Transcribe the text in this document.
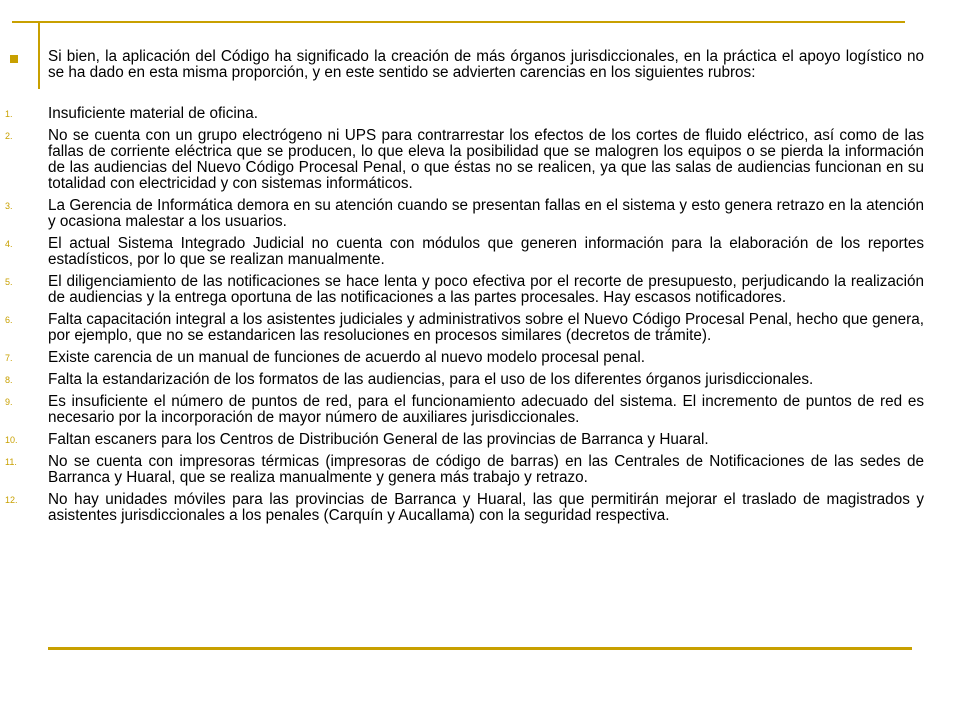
Si bien, la aplicación del Código ha significado la creación de más órganos jurisdiccionales, en la práctica el apoyo logístico no se ha dado en esta misma proporción, y en este sentido se advierten carencias en los siguientes rubros:
1. Insuficiente material de oficina.
2. No se cuenta con un grupo electrógeno ni UPS para contrarrestar los efectos de los cortes de fluido eléctrico, así como de las fallas de corriente eléctrica que se producen, lo que eleva la posibilidad que se malogren los equipos o se pierda la información de las audiencias del Nuevo Código Procesal Penal, o que éstas no se realicen, ya que las salas de audiencias funcionan en su totalidad con electricidad y con sistemas informáticos.
3. La Gerencia de Informática demora en su atención cuando se presentan fallas en el sistema y esto genera retrazo en la atención y ocasiona malestar a los usuarios.
4. El actual Sistema Integrado Judicial no cuenta con módulos que generen información para la elaboración de los reportes estadísticos, por lo que se realizan manualmente.
5. El diligenciamiento de las notificaciones se hace lenta y poco efectiva por el recorte de presupuesto, perjudicando la realización de audiencias y la entrega oportuna de las notificaciones a las partes procesales. Hay escasos notificadores.
6. Falta capacitación integral a los asistentes judiciales y administrativos sobre el Nuevo Código Procesal Penal, hecho que genera, por ejemplo, que no se estandaricen las resoluciones en procesos similares (decretos de trámite).
7. Existe carencia de un manual de funciones de acuerdo al nuevo modelo procesal penal.
8. Falta la estandarización de los formatos de las audiencias, para el uso de los diferentes órganos jurisdiccionales.
9. Es insuficiente el número de puntos de red, para el funcionamiento adecuado del sistema. El incremento de puntos de red es necesario por la incorporación de mayor número de auxiliares jurisdiccionales.
10. Faltan escaners para los Centros de Distribución General de las provincias de Barranca y Huaral.
11. No se cuenta con impresoras térmicas (impresoras de código de barras) en las Centrales de Notificaciones de las sedes de Barranca y Huaral, que se realiza manualmente y genera más trabajo y retrazo.
12. No hay unidades móviles para las provincias de Barranca y Huaral, las que permitirán mejorar el traslado de magistrados y asistentes jurisdiccionales a los penales (Carquín y Aucallama) con la seguridad respectiva.
